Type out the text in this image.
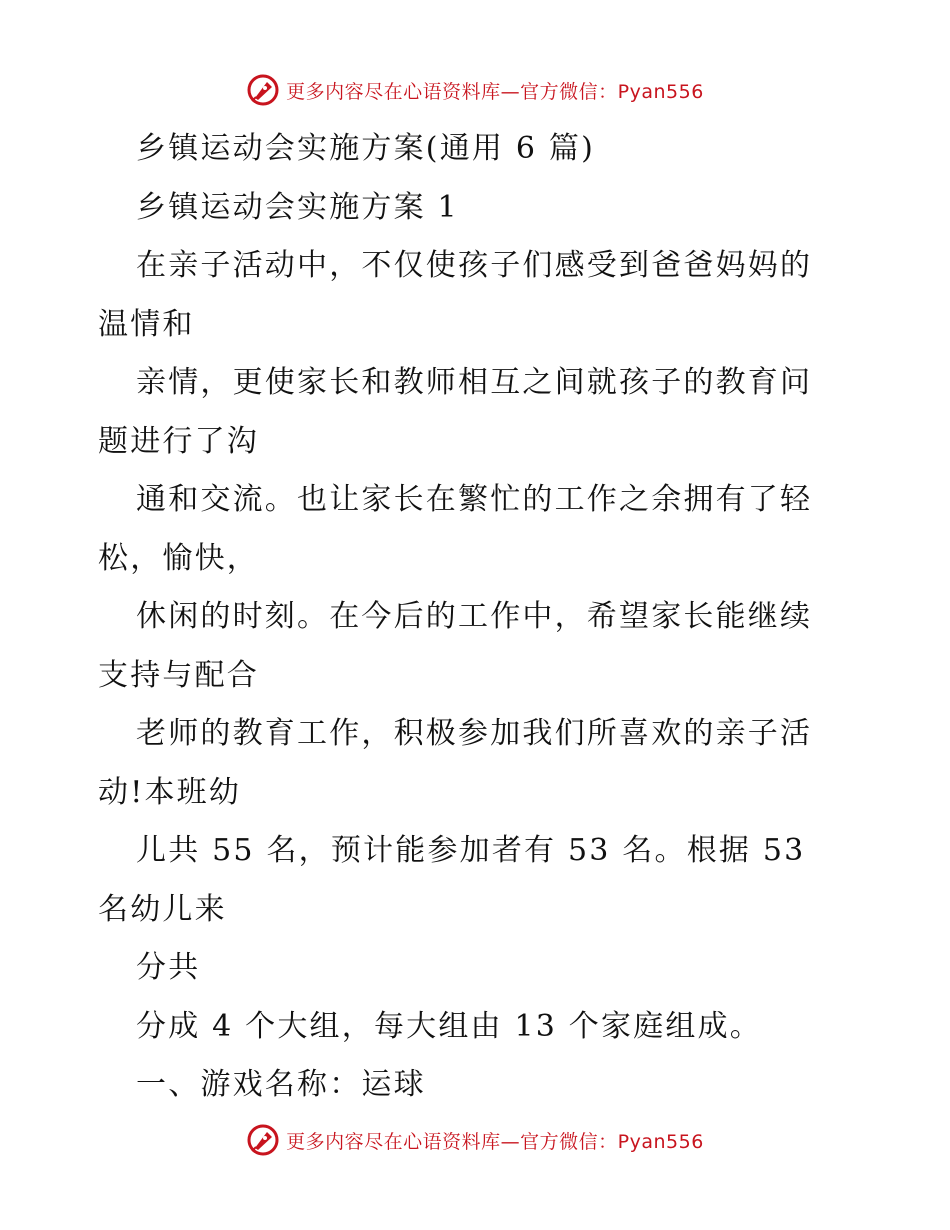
更多内容尽在心语资料库—官方微信：Pyan556
乡镇运动会实施方案(通用 6 篇)
乡镇运动会实施方案 1
在亲子活动中，不仅使孩子们感受到爸爸妈妈的
温情和
亲情，更使家长和教师相互之间就孩子的教育问
题进行了沟
通和交流。也让家长在繁忙的工作之余拥有了轻
松，愉快，
休闲的时刻。在今后的工作中，希望家长能继续
支持与配合
老师的教育工作，积极参加我们所喜欢的亲子活
动!本班幼
儿共 55 名，预计能参加者有 53 名。根据 53
名幼儿来
分共
分成 4 个大组，每大组由 13 个家庭组成。
一、游戏名称：运球
更多内容尽在心语资料库—官方微信：Pyan556
